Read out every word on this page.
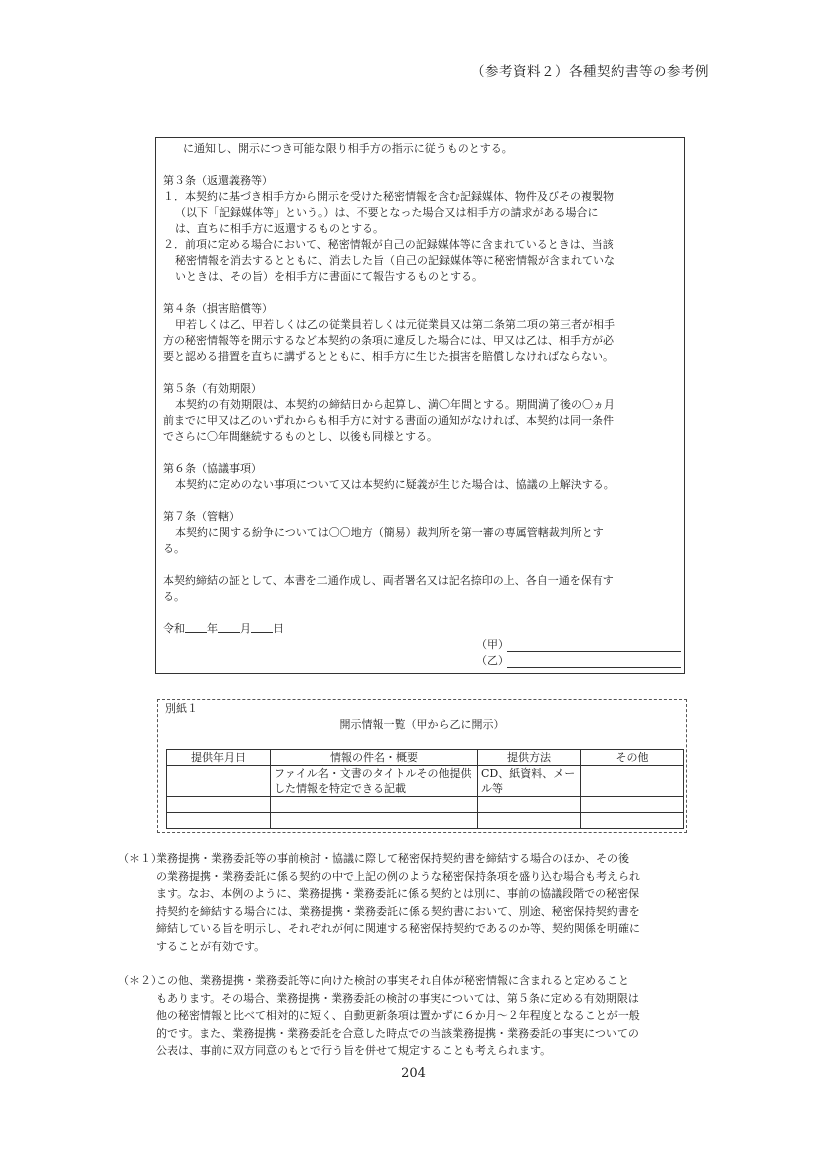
（参考資料２）各種契約書等の参考例
に通知し、開示につき可能な限り相手方の指示に従うものとする。
第３条（返還義務等）
１．本契約に基づき相手方から開示を受けた秘密情報を含む記録媒体、物件及びその複製物
（以下「記録媒体等」という。）は、不要となった場合又は相手方の請求がある場合に
は、直ちに相手方に返還するものとする。
２．前項に定める場合において、秘密情報が自己の記録媒体等に含まれているときは、当該
秘密情報を消去するとともに、消去した旨（自己の記録媒体等に秘密情報が含まれていな
いときは、その旨）を相手方に書面にて報告するものとする。
第４条（損害賠償等）
甲若しくは乙、甲若しくは乙の従業員若しくは元従業員又は第二条第二項の第三者が相手
方の秘密情報等を開示するなど本契約の条項に違反した場合には、甲又は乙は、相手方が必
要と認める措置を直ちに講ずるとともに、相手方に生じた損害を賠償しなければならない。
第５条（有効期限）
本契約の有効期限は、本契約の締結日から起算し、満〇年間とする。期間満了後の〇ヵ月
前までに甲又は乙のいずれからも相手方に対する書面の通知がなければ、本契約は同一条件
でさらに〇年間継続するものとし、以後も同様とする。
第６条（協議事項）
本契約に定めのない事項について又は本契約に疑義が生じた場合は、協議の上解決する。
第７条（管轄）
本契約に関する紛争については〇〇地方（簡易）裁判所を第一審の専属管轄裁判所とす
る。
本契約締結の証として、本書を二通作成し、両者署名又は記名捺印の上、各自一通を保有す
る。
令和 年 月 日
（甲）
（乙）
別紙１
開示情報一覧（甲から乙に開示）
提供年月日	情報の件名・概要	提供方法	その他
	ファイル名・文書のタイトルその他提供した情報を特定できる記載	CD、紙資料、メール等	

（＊１）
業務提携・業務委託等の事前検討・協議に際して秘密保持契約書を締結する場合のほか、その後
の業務提携・業務委託に係る契約の中で上記の例のような秘密保持条項を盛り込む場合も考えられ
ます。なお、本例のように、業務提携・業務委託に係る契約とは別に、事前の協議段階での秘密保
持契約を締結する場合には、業務提携・業務委託に係る契約書において、別途、秘密保持契約書を
締結している旨を明示し、それぞれが何に関連する秘密保持契約であるのか等、契約関係を明確に
することが有効です。
（＊２）
この他、業務提携・業務委託等に向けた検討の事実それ自体が秘密情報に含まれると定めること
もあります。その場合、業務提携・業務委託の検討の事実については、第５条に定める有効期限は
他の秘密情報と比べて相対的に短く、自動更新条項は置かずに６か月～２年程度となることが一般
的です。また、業務提携・業務委託を合意した時点での当該業務提携・業務委託の事実についての
公表は、事前に双方同意のもとで行う旨を併せて規定することも考えられます。
204
